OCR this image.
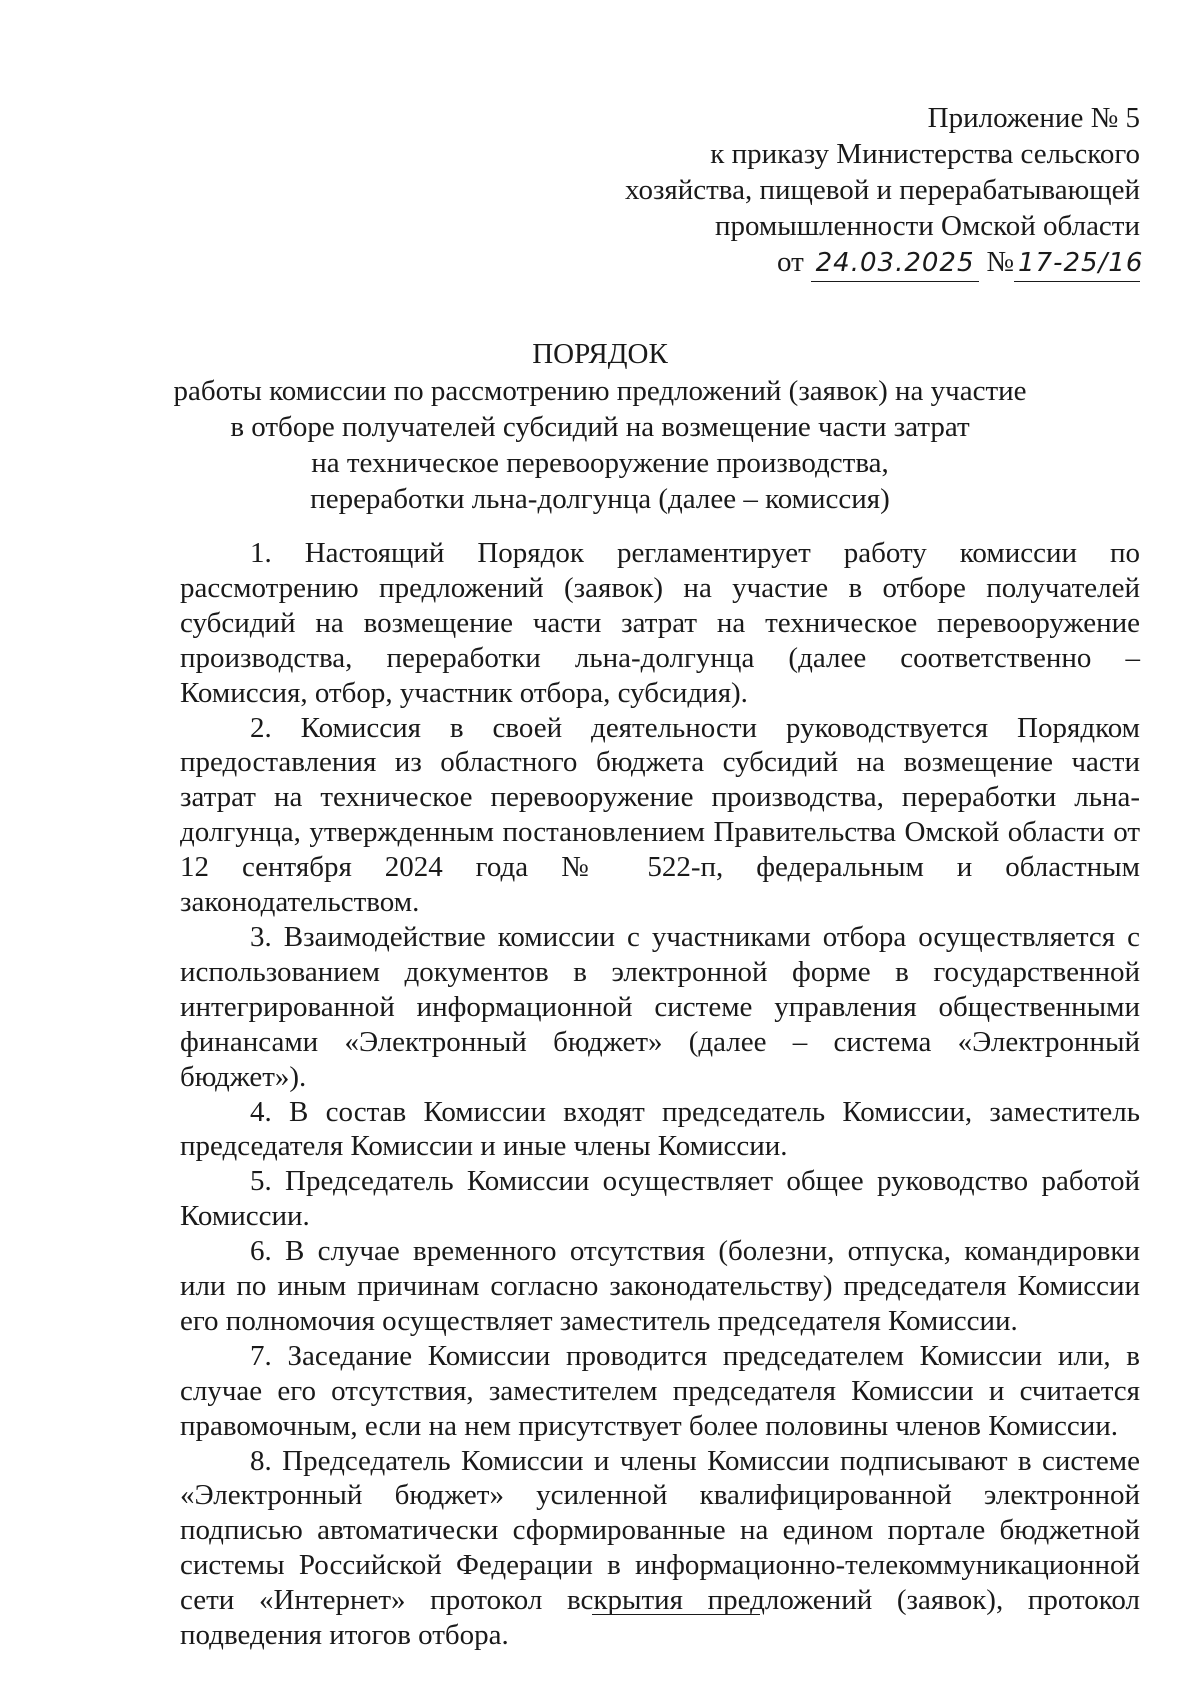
Приложение № 5
к приказу Министерства сельского
хозяйства, пищевой и перерабатывающей
промышленности Омской области
от 24.03.2025 № 17-25/16
ПОРЯДОК
работы комиссии по рассмотрению предложений (заявок) на участие
в отборе получателей субсидий на возмещение части затрат
на техническое перевооружение производства,
переработки льна-долгунца (далее – комиссия)

1. Настоящий Порядок регламентирует работу комиссии по рассмотрению предложений (заявок) на участие в отборе получателей субсидий на возмещение части затрат на техническое перевооружение производства, переработки льна-долгунца (далее соответственно – Комиссия, отбор, участник отбора, субсидия).

2. Комиссия в своей деятельности руководствуется Порядком предоставления из областного бюджета субсидий на возмещение части затрат на техническое перевооружение производства, переработки льна-долгунца, утвержденным постановлением Правительства Омской области от 12 сентября 2024 года № 522-п, федеральным и областным законодательством.

3. Взаимодействие комиссии с участниками отбора осуществляется с использованием документов в электронной форме в государственной интегрированной информационной системе управления общественными финансами «Электронный бюджет» (далее – система «Электронный бюджет»).

4. В состав Комиссии входят председатель Комиссии, заместитель председателя Комиссии и иные члены Комиссии.

5. Председатель Комиссии осуществляет общее руководство работой Комиссии.

6. В случае временного отсутствия (болезни, отпуска, командировки или по иным причинам согласно законодательству) председателя Комиссии его полномочия осуществляет заместитель председателя Комиссии.

7. Заседание Комиссии проводится председателем Комиссии или, в случае его отсутствия, заместителем председателя Комиссии и считается правомочным, если на нем присутствует более половины членов Комиссии.

8. Председатель Комиссии и члены Комиссии подписывают в системе «Электронный бюджет» усиленной квалифицированной электронной подписью автоматически сформированные на едином портале бюджетной системы Российской Федерации в информационно-телекоммуникационной сети «Интернет» протокол вскрытия предложений (заявок), протокол подведения итогов отбора.
